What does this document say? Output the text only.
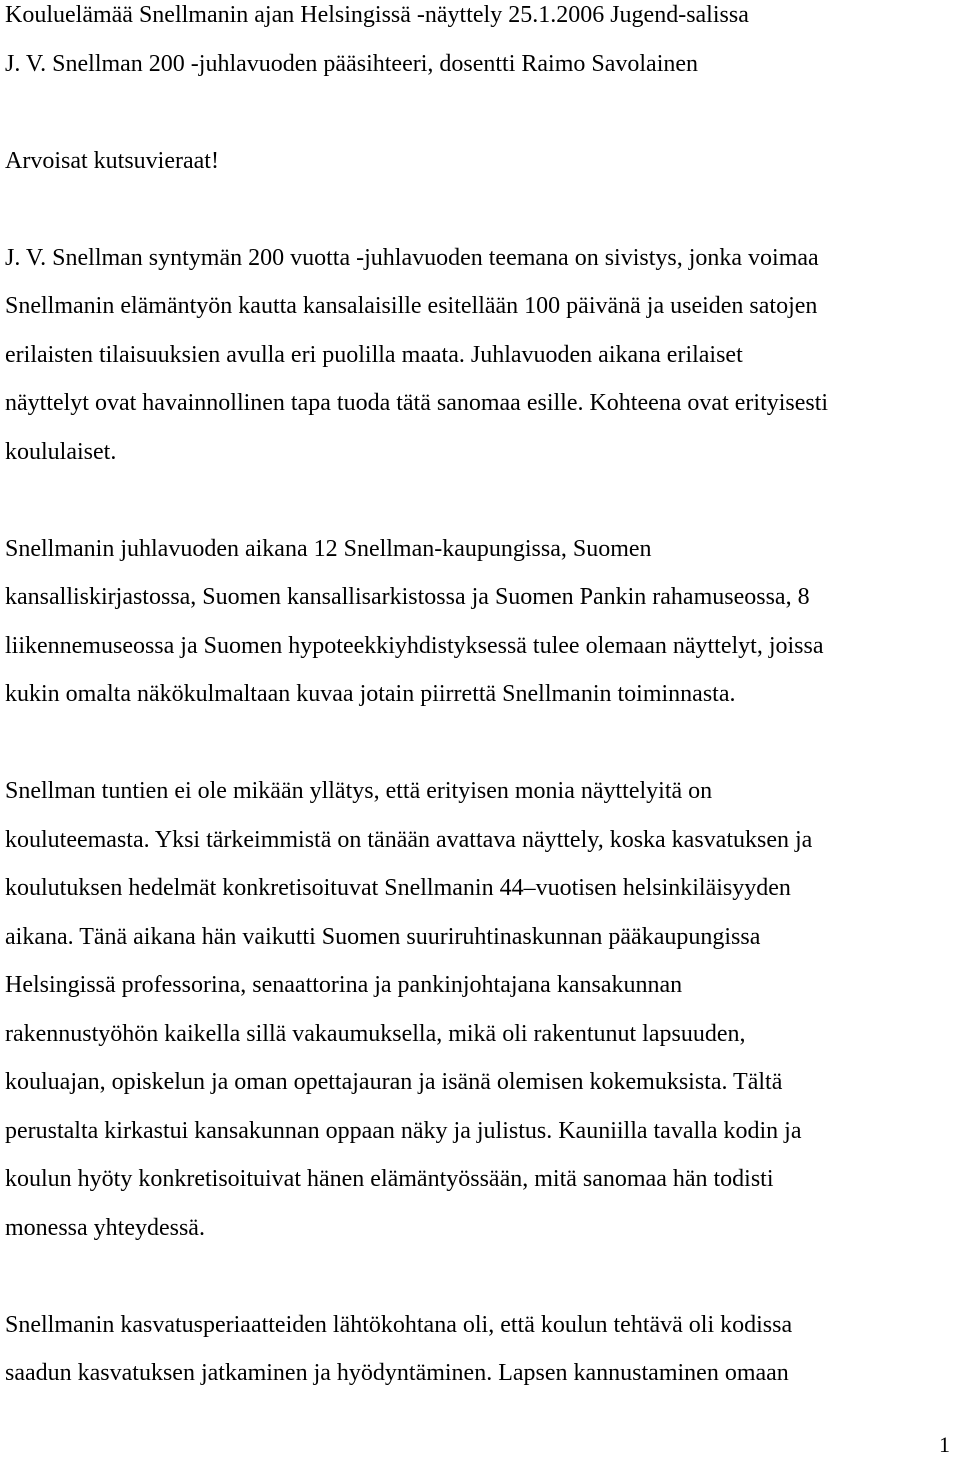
Kouluelämää Snellmanin ajan Helsingissä -näyttely 25.1.2006 Jugend-salissa
J. V. Snellman 200 -juhlavuoden pääsihteeri, dosentti Raimo Savolainen

Arvoisat kutsuvieraat!

J. V. Snellman syntymän 200 vuotta -juhlavuoden teemana on sivistys, jonka voimaa
Snellmanin elämäntyön kautta kansalaisille esitellään 100 päivänä ja useiden satojen
erilaisten tilaisuuksien avulla eri puolilla maata. Juhlavuoden aikana erilaiset
näyttelyt ovat havainnollinen tapa tuoda tätä sanomaa esille. Kohteena ovat erityisesti
koululaiset.

Snellmanin juhlavuoden aikana 12 Snellman-kaupungissa, Suomen
kansalliskirjastossa, Suomen kansallisarkistossa ja Suomen Pankin rahamuseossa, 8
liikennemuseossa ja Suomen hypoteekkiyhdistyksessä tulee olemaan näyttelyt, joissa
kukin omalta näkökulmaltaan kuvaa jotain piirrettä Snellmanin toiminnasta.

Snellman tuntien ei ole mikään yllätys, että erityisen monia näyttelyitä on
kouluteemasta. Yksi tärkeimmistä on tänään avattava näyttely, koska kasvatuksen ja
koulutuksen hedelmät konkretisoituvat Snellmanin 44–vuotisen helsinkiläisyyden
aikana. Tänä aikana hän vaikutti Suomen suuriruhtinaskunnan pääkaupungissa
Helsingissä professorina, senaattorina ja pankinjohtajana kansakunnan
rakennustyöhön kaikella sillä vakaumuksella, mikä oli rakentunut lapsuuden,
kouluajan, opiskelun ja oman opettajauran ja isänä olemisen kokemuksista. Tältä
perustalta kirkastui kansakunnan oppaan näky ja julistus. Kauniilla tavalla kodin ja
koulun hyöty konkretisoituivat hänen elämäntyössään, mitä sanomaa hän todisti
monessa yhteydessä.

Snellmanin kasvatusperiaatteiden lähtökohtana oli, että koulun tehtävä oli kodissa
saadun kasvatuksen jatkaminen ja hyödyntäminen. Lapsen kannustaminen omaan

1
